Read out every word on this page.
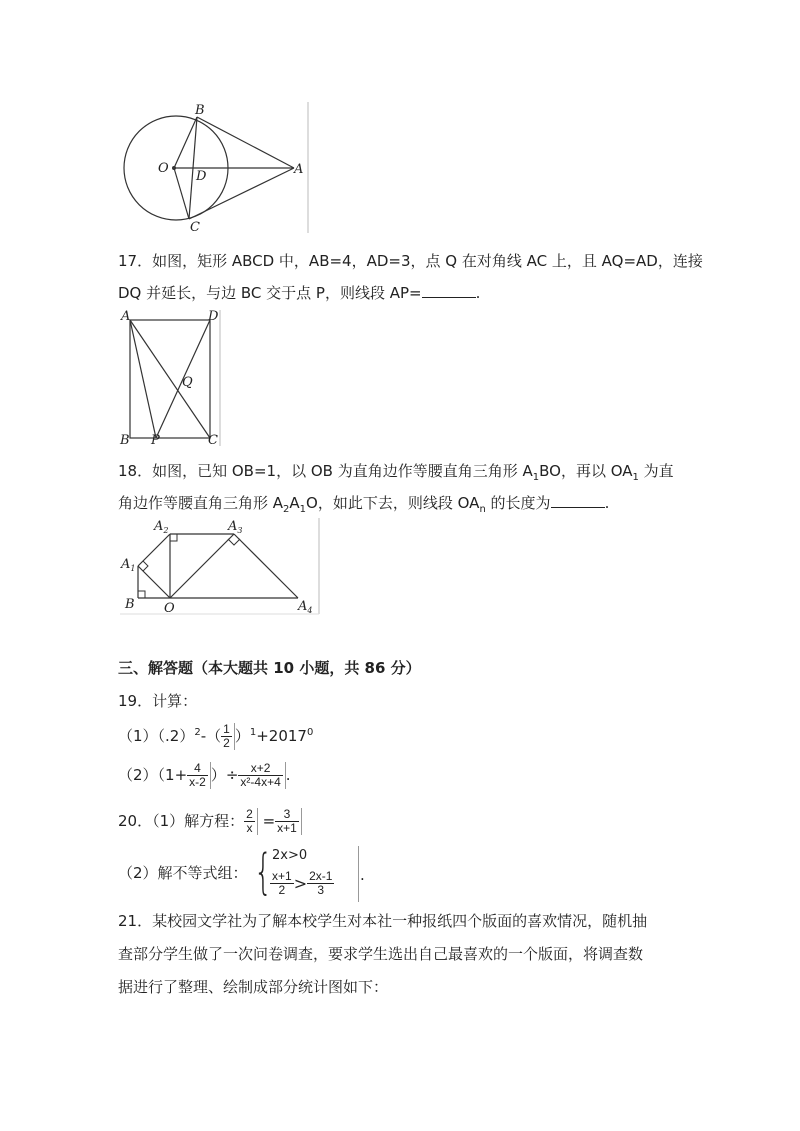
B
O
D	A
C
17．如图，矩形 ABCD 中，AB=4，AD=3，点 Q 在对角线 AC 上，且 AQ=AD，连接
DQ 并延长，与边 BC 交于点 P，则线段 AP=	.
A	D
Q
B P	C
18．如图，已知 OB=1，以 OB 为直角边作等腰直角三角形 $A_1BO$，再以 $OA_1$ 为直
角边作等腰直角三角形 $A_2A_1O$，如此下去，则线段 $OA_n$ 的长度为	.
$A_1$
$A_2$	$A_3$
$A_4$
B O
三、解答题（本大题共 10 小题，共 86 分）
19．计算：
$(1)(.2)^2-( \frac{1}{2} )^1+2017^0$
$(2)(1+ \frac{4}{x-2}$ ）÷ $\frac{x+2}{\text{x²-4x+4}}$ .
20．（1）解方程： $\frac{2}{x} = \frac{3}{x+1}$
（2）解不等式组： { 2x>0
$\frac{x+1}{2} > \frac{2x-1}{3}$ .
21．某校园文学社为了解本校学生对本社一种报纸四个版面的喜欢情况，随机抽
查部分学生做了一次问卷调查，要求学生选出自己最喜欢的一个版面，将调查数
据进行了整理、绘制成部分统计图如下：
